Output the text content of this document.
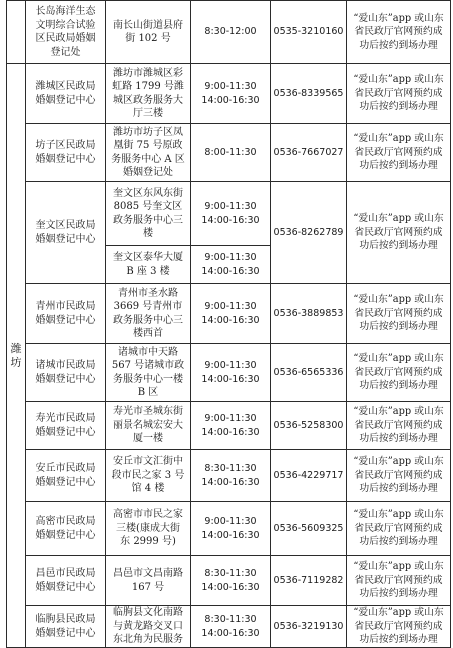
	长岛海洋生态
文明综合试验
区民政局婚姻
登记处	南长山街道县府
街 102 号	8:30-12:00	0535-3210160	“爱山东”app 或山东
省民政厅官网预约成
功后按约到场办理
潍
坊	潍城区民政局
婚姻登记中心	潍坊市潍城区彩
虹路 1799 号潍
城区政务服务大
厅三楼	9:00-11:30
14:00-16:30	0536-8339565	“爱山东”app 或山东
省民政厅官网预约成
功后按约到场办理
	坊子区民政局
婚姻登记中心	潍坊市坊子区凤
凰街 75 号原政
务服务中心 A 区
婚姻登记处	8:00-11:30	0536-7667027	“爱山东”app 或山东
省民政厅官网预约成
功后按约到场办理
	奎文区民政局
婚姻登记中心	奎文区东风东街
8085 号奎文区
政务服务中心三
楼	9:00-11:30
14:00-16:30	0536-8262789	“爱山东”app 或山东
省民政厅官网预约成
功后按约到场办理
		奎文区泰华大厦
B 座 3 楼	9:00-11:30
14:00-16:30		
	青州市民政局
婚姻登记中心	青州市圣水路
3669 号青州市
政务服务中心三
楼西首	9:00-11:30
14:00-16:30	0536-3889853	“爱山东”app 或山东
省民政厅官网预约成
功后按约到场办理
	诸城市民政局
婚姻登记中心	诸城市中天路
567 号诸城市政
务服务中心一楼
B 区	9:00-11:30
14:00-16:30	0536-6565336	“爱山东”app 或山东
省民政厅官网预约成
功后按约到场办理
	寿光市民政局
婚姻登记中心	寿光市圣城东街
丽景名城宏安大
厦一楼	9:00-11:30
14:00-16:30	0536-5258300	“爱山东”app 或山东
省民政厅官网预约成
功后按约到场办理
	安丘市民政局
婚姻登记中心	安丘市文汇街中
段市民之家 3 号
馆 4 楼	8:30-11:30
14:00-16:30	0536-4229717	“爱山东”app 或山东
省民政厅官网预约成
功后按约到场办理
	高密市民政局
婚姻登记中心	高密市市民之家
三楼(康成大街
东 2999 号)	9:00-11:30
14:00-16:30	0536-5609325	“爱山东”app 或山东
省民政厅官网预约成
功后按约到场办理
	昌邑市民政局
婚姻登记中心	昌邑市文昌南路
167 号	8:30-11:30
14:00-16:30	0536-7119282	“爱山东”app 或山东
省民政厅官网预约成
功后按约到场办理
	临朐县民政局
婚姻登记中心	临朐县文化南路
与黄龙路交叉口
东北角为民服务	8:30-11:30
14:00-16:30	0536-3219130	“爱山东”app 或山东
省民政厅官网预约成
功后按约到场办理
